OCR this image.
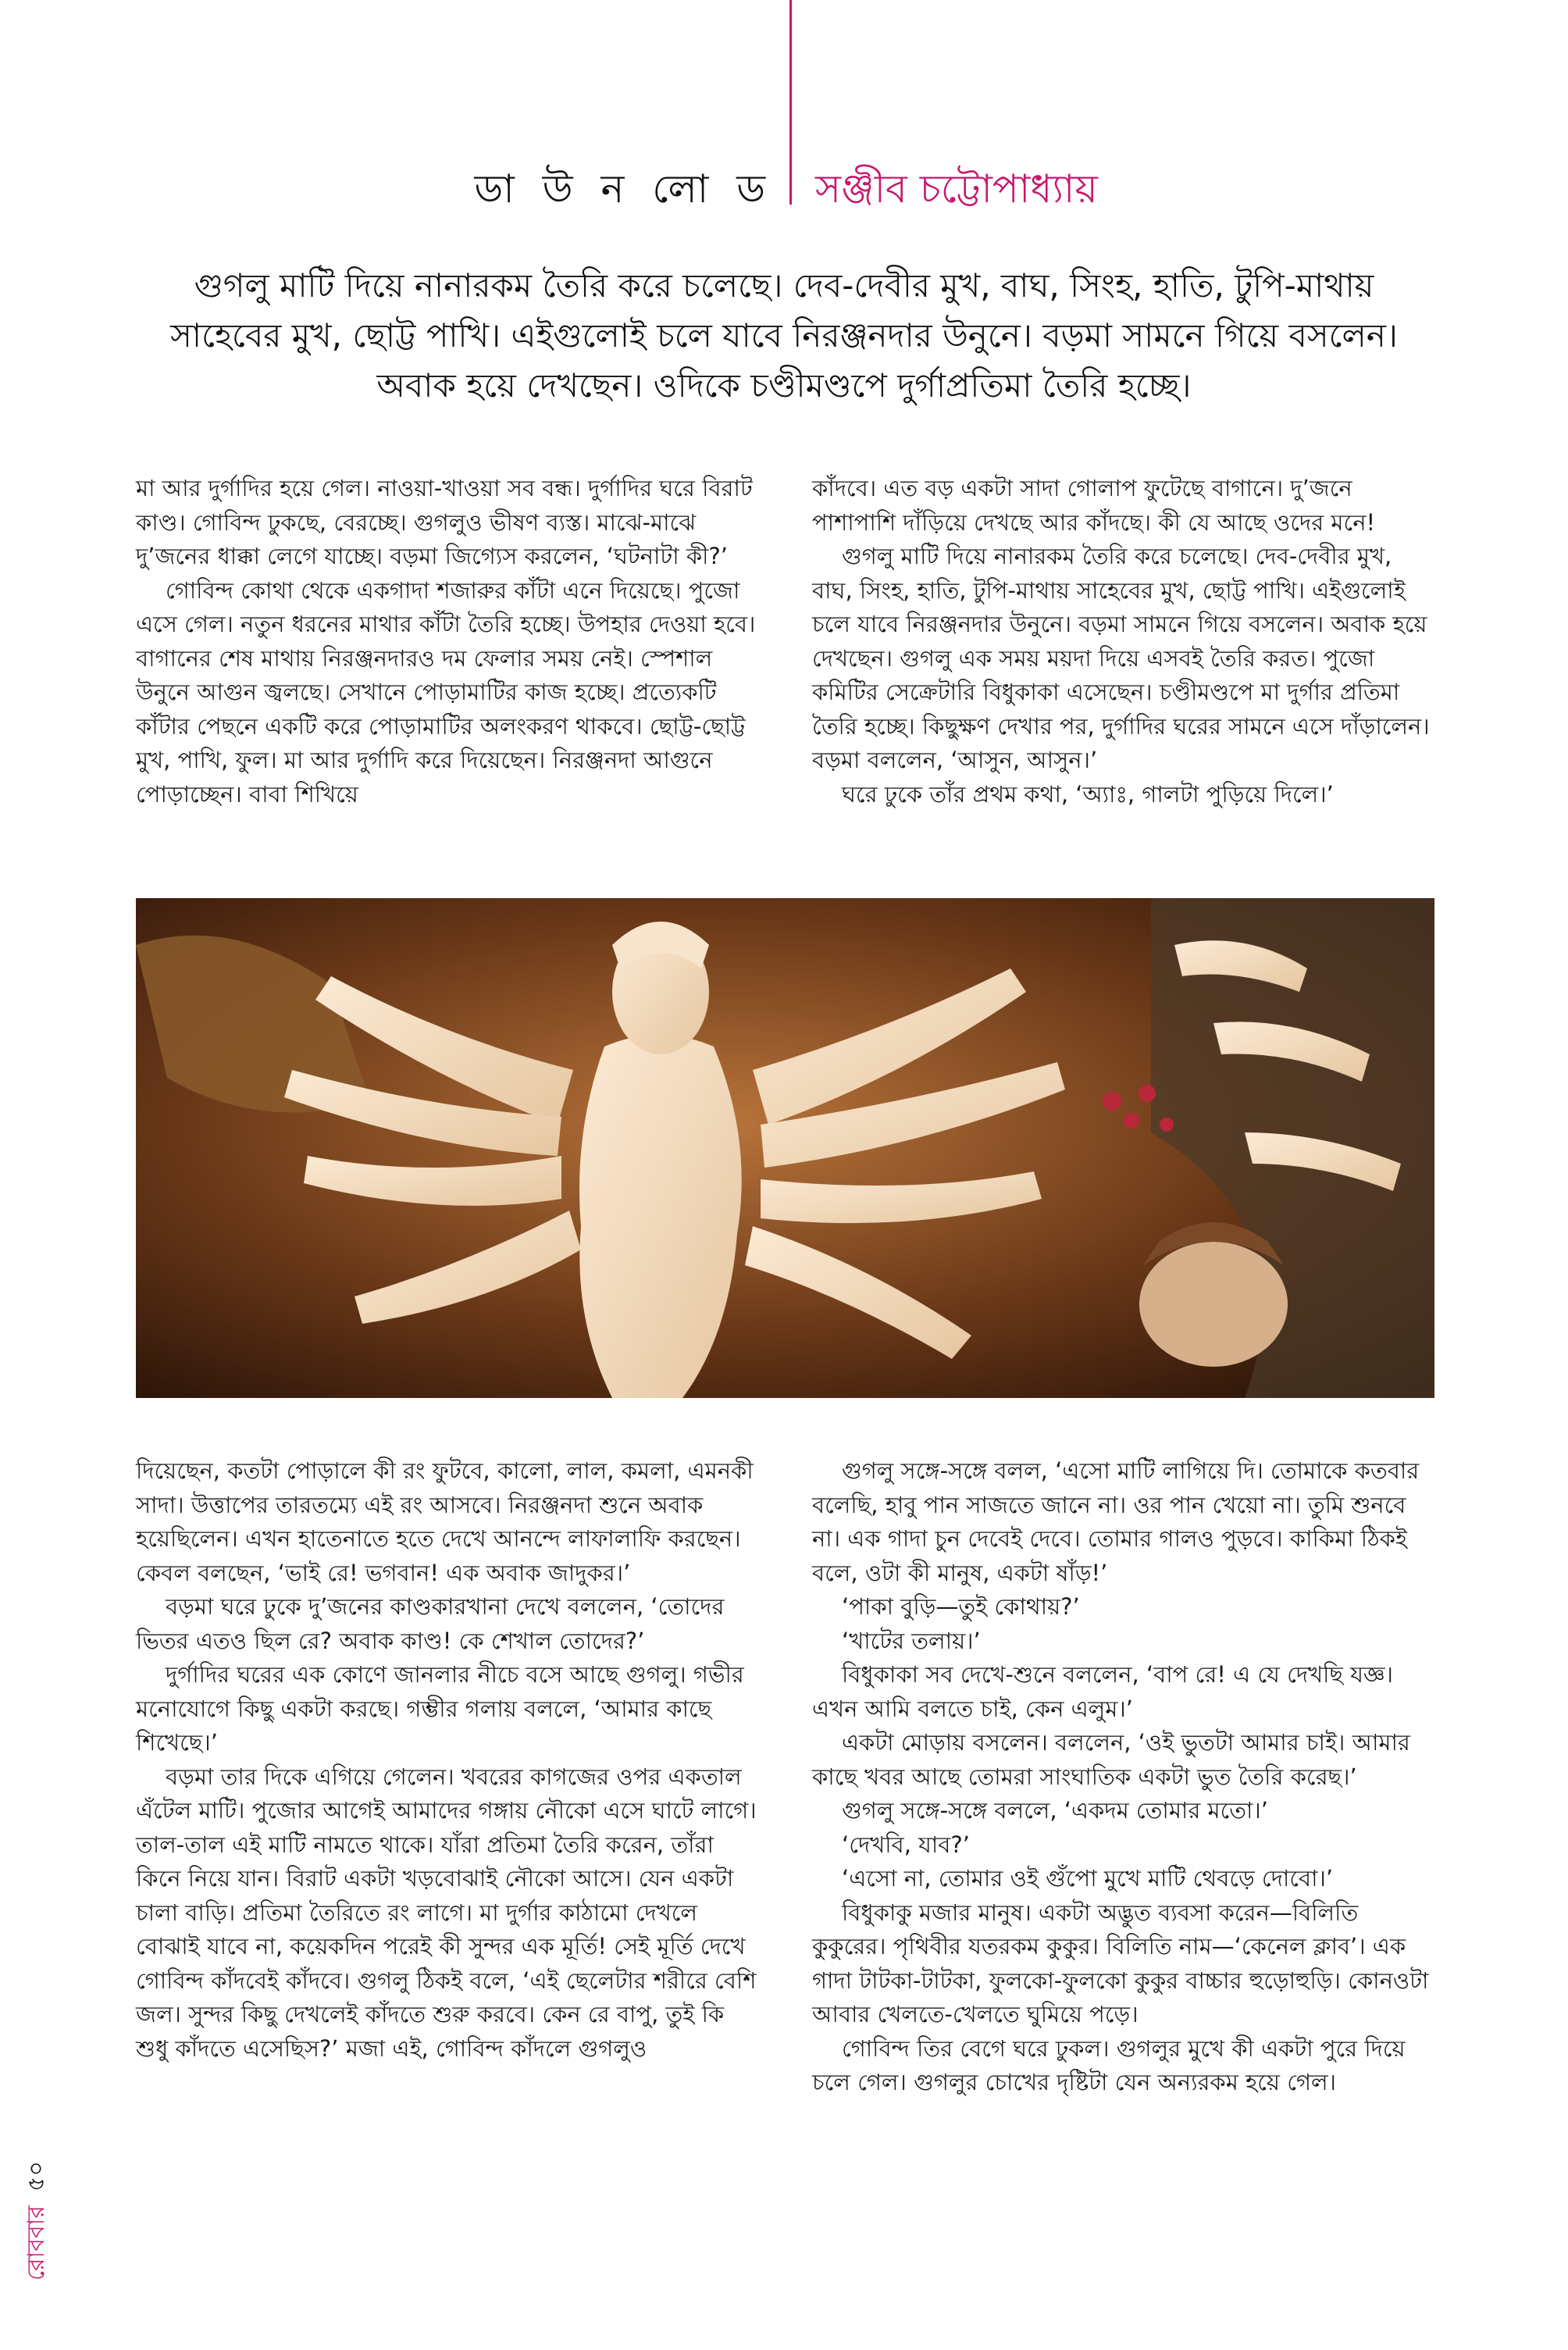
ডা উ ন লো ড সঞ্জীব চট্টোপাধ্যায়

গুগলু মাটি দিয়ে নানারকম তৈরি করে চলেছে। দেব-দেবীর মুখ, বাঘ, সিংহ, হাতি, টুপি-মাথায়

সাহেবের মুখ, ছোট্ট পাখি। এইগুলোই চলে যাবে নিরঞ্জনদার উনুনে। বড়মা সামনে গিয়ে বসলেন।

অবাক হয়ে দেখছেন। ওদিকে চণ্ডীমণ্ডপে দুর্গাপ্রতিমা তৈরি হচ্ছে।

মা আর দুর্গাদির হয়ে গেল। নাওয়া-খাওয়া সব বন্ধ। দুর্গাদির ঘরে বিরাট কাণ্ড। গোবিন্দ ঢুকছে, বেরচ্ছে। গুগলুও ভীষণ ব্যস্ত। মাঝে-মাঝে দু’জনের ধাক্কা লেগে যাচ্ছে। বড়মা জিগ্যেস করলেন, ‘ঘটনাটা কী?’

গোবিন্দ কোথা থেকে একগাদা শজারুর কাঁটা এনে দিয়েছে। পুজো এসে গেল। নতুন ধরনের মাথার কাঁটা তৈরি হচ্ছে। উপহার দেওয়া হবে। বাগানের শেষ মাথায় নিরঞ্জনদারও দম ফেলার সময় নেই। স্পেশাল উনুনে আগুন জ্বলছে। সেখানে পোড়ামাটির কাজ হচ্ছে। প্রত্যেকটি কাঁটার পেছনে একটি করে পোড়ামাটির অলংকরণ থাকবে। ছোট্ট-ছোট্ট মুখ, পাখি, ফুল। মা আর দুর্গাদি করে দিয়েছেন। নিরঞ্জনদা আগুনে পোড়াচ্ছেন। বাবা শিখিয়ে

কাঁদবে। এত বড় একটা সাদা গোলাপ ফুটেছে বাগানে। দু’জনে পাশাপাশি দাঁড়িয়ে দেখছে আর কাঁদছে। কী যে আছে ওদের মনে!

গুগলু মাটি দিয়ে নানারকম তৈরি করে চলেছে। দেব-দেবীর মুখ, বাঘ, সিংহ, হাতি, টুপি-মাথায় সাহেবের মুখ, ছোট্ট পাখি। এইগুলোই চলে যাবে নিরঞ্জনদার উনুনে। বড়মা সামনে গিয়ে বসলেন। অবাক হয়ে দেখছেন। গুগলু এক সময় ময়দা দিয়ে এসবই তৈরি করত। পুজো কমিটির সেক্রেটারি বিধুকাকা এসেছেন। চণ্ডীমণ্ডপে মা দুর্গার প্রতিমা তৈরি হচ্ছে। কিছুক্ষণ দেখার পর, দুর্গাদির ঘরের সামনে এসে দাঁড়ালেন। বড়মা বললেন, ‘আসুন, আসুন।’

ঘরে ঢুকে তাঁর প্রথম কথা, ‘অ্যাঃ, গালটা পুড়িয়ে দিলে।’

দিয়েছেন, কতটা পোড়ালে কী রং ফুটবে, কালো, লাল, কমলা, এমনকী সাদা। উত্তাপের তারতম্যে এই রং আসবে। নিরঞ্জনদা শুনে অবাক হয়েছিলেন। এখন হাতেনাতে হতে দেখে আনন্দে লাফালাফি করছেন। কেবল বলছেন, ‘ভাই রে! ভগবান! এক অবাক জাদুকর।’

বড়মা ঘরে ঢুকে দু’জনের কাণ্ডকারখানা দেখে বললেন, ‘তোদের ভিতর এতও ছিল রে? অবাক কাণ্ড! কে শেখাল তোদের?’

দুর্গাদির ঘরের এক কোণে জানলার নীচে বসে আছে গুগলু। গভীর মনোযোগে কিছু একটা করছে। গম্ভীর গলায় বললে, ‘আমার কাছে শিখেছে।’

বড়মা তার দিকে এগিয়ে গেলেন। খবরের কাগজের ওপর একতাল এঁটেল মাটি। পুজোর আগেই আমাদের গঙ্গায় নৌকো এসে ঘাটে লাগে। তাল-তাল এই মাটি নামতে থাকে। যাঁরা প্রতিমা তৈরি করেন, তাঁরা কিনে নিয়ে যান। বিরাট একটা খড়বোঝাই নৌকো আসে। যেন একটা চালা বাড়ি। প্রতিমা তৈরিতে রং লাগে। মা দুর্গার কাঠামো দেখলে বোঝাই যাবে না, কয়েকদিন পরেই কী সুন্দর এক মূর্তি! সেই মূর্তি দেখে গোবিন্দ কাঁদবেই কাঁদবে। গুগলু ঠিকই বলে, ‘এই ছেলেটার শরীরে বেশি জল। সুন্দর কিছু দেখলেই কাঁদতে শুরু করবে। কেন রে বাপু, তুই কি শুধু কাঁদতে এসেছিস?’ মজা এই, গোবিন্দ কাঁদলে গুগলুও

গুগলু সঙ্গে-সঙ্গে বলল, ‘এসো মাটি লাগিয়ে দি। তোমাকে কতবার বলেছি, হাবু পান সাজতে জানে না। ওর পান খেয়ো না। তুমি শুনবে না। এক গাদা চুন দেবেই দেবে। তোমার গালও পুড়বে। কাকিমা ঠিকই বলে, ওটা কী মানুষ, একটা ষাঁড়!’

‘পাকা বুড়ি—তুই কোথায়?’

‘খাটের তলায়।’

বিধুকাকা সব দেখে-শুনে বললেন, ‘বাপ রে! এ যে দেখছি যজ্ঞ। এখন আমি বলতে চাই, কেন এলুম।’

একটা মোড়ায় বসলেন। বললেন, ‘ওই ভুতটা আমার চাই। আমার কাছে খবর আছে তোমরা সাংঘাতিক একটা ভুত তৈরি করেছ।’

গুগলু সঙ্গে-সঙ্গে বললে, ‘একদম তোমার মতো।’

‘দেখবি, যাব?’

‘এসো না, তোমার ওই গুঁপো মুখে মাটি থেবড়ে দোবো।’

বিধুকাকু মজার মানুষ। একটা অদ্ভুত ব্যবসা করেন—বিলিতি কুকুরের। পৃথিবীর যতরকম কুকুর। বিলিতি নাম—‘কেনেল ক্লাব’। এক গাদা টাটকা-টাটকা, ফুলকো-ফুলকো কুকুর বাচ্চার হুড়োহুড়ি। কোনওটা আবার খেলতে-খেলতে ঘুমিয়ে পড়ে।

গোবিন্দ তির বেগে ঘরে ঢুকল। গুগলুর মুখে কী একটা পুরে দিয়ে চলে গেল। গুগলুর চোখের দৃষ্টিটা যেন অন্যরকম হয়ে গেল।

রোববার৫০
